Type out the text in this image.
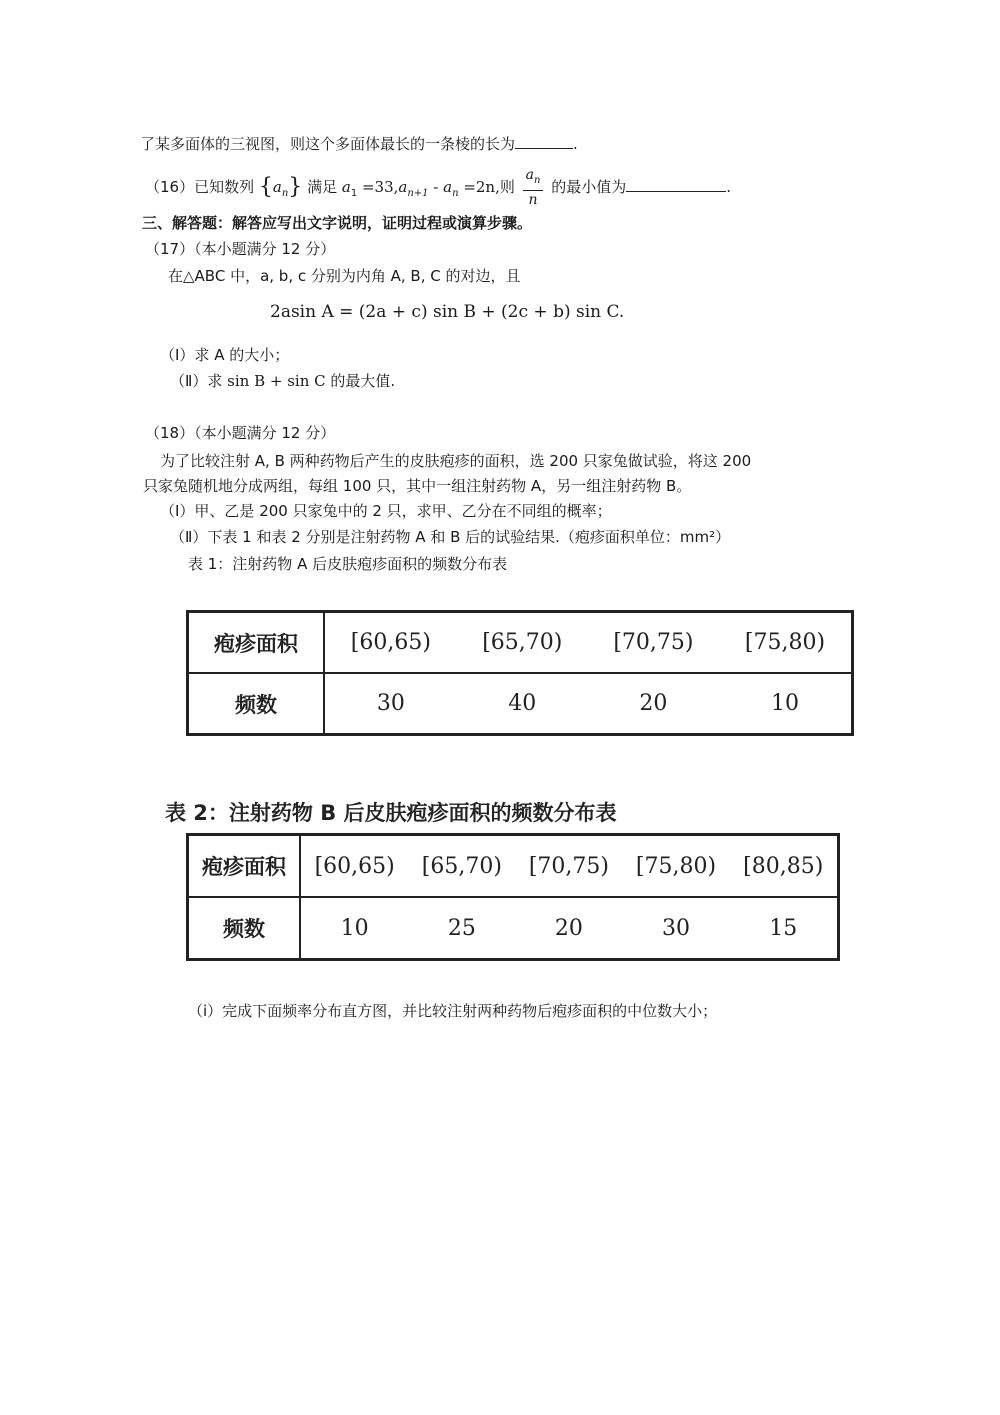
了某多面体的三视图，则这个多面体最长的一条棱的长为	.
（16）已知数列 $\{a_n\}$ 满足 $a_1 =33,a_{n+1} - a_n =2n$,则 $\frac{a_n}{n}$ 的最小值为	.
三、解答题：解答应写出文字说明，证明过程或演算步骤。
（17）（本小题满分 12 分）
在△ABC 中，a, b, c 分别为内角 A, B, C 的对边，且
2asin A = (2a + c) sin B + (2c + b) sin C.
（Ⅰ）求 A 的大小；
（Ⅱ）求 sin B + sin C 的最大值.
（18）（本小题满分 12 分）
为了比较注射 A, B 两种药物后产生的皮肤疱疹的面积，选 200 只家兔做试验，将这 200
只家兔随机地分成两组，每组 100 只，其中一组注射药物 A，另一组注射药物 B。
（Ⅰ）甲、乙是 200 只家兔中的 2 只，求甲、乙分在不同组的概率；
（Ⅱ）下表 1 和表 2 分别是注射药物 A 和 B 后的试验结果.（疱疹面积单位：mm²）
表 1：注射药物 A 后皮肤疱疹面积的频数分布表
疱疹面积	[60,65)	[65,70)	[70,75)	[75,80)
频数	30	40	20	10
表 2：注射药物 B 后皮肤疱疹面积的频数分布表
疱疹面积	[60,65)	[65,70)	[70,75)	[75,80)	[80,85)
频数	10	25	20	30	15
（ⅰ）完成下面频率分布直方图，并比较注射两种药物后疱疹面积的中位数大小；
